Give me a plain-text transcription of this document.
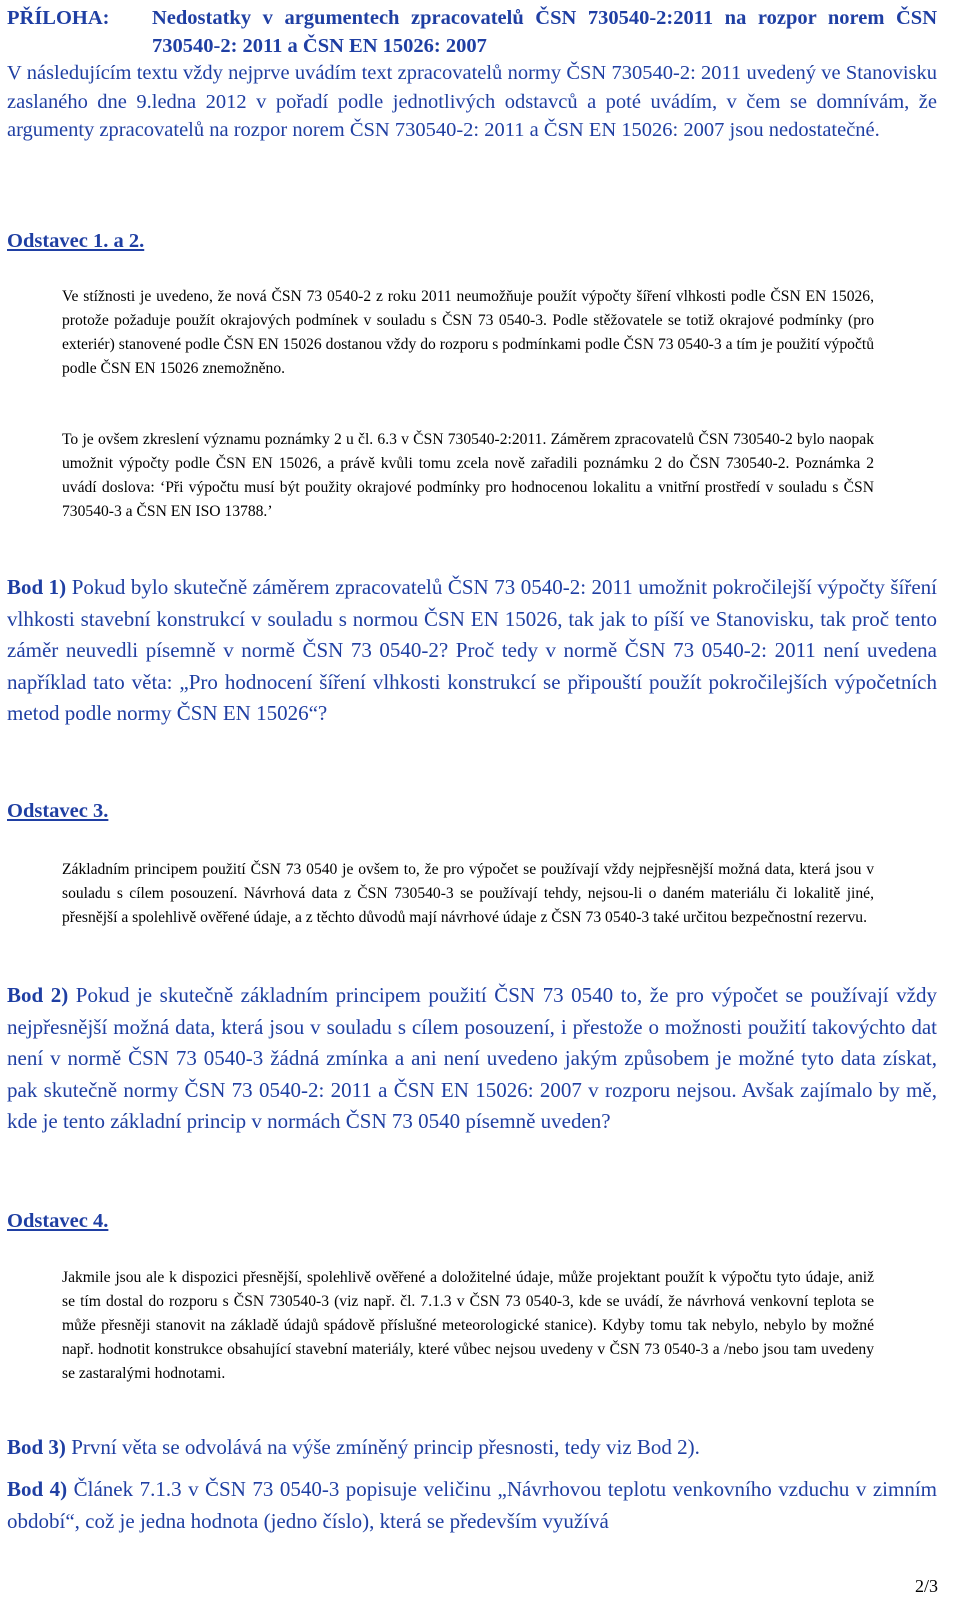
PŘÍLOHA: Nedostatky v argumentech zpracovatelů ČSN 730540-2:2011 na rozpor norem ČSN 730540-2: 2011 a ČSN EN 15026: 2007

V následujícím textu vždy nejprve uvádím text zpracovatelů normy ČSN 730540-2: 2011 uvedený ve Stanovisku zaslaného dne 9.ledna 2012 v pořadí podle jednotlivých odstavců a poté uvádím, v čem se domnívám, že argumenty zpracovatelů na rozpor norem ČSN 730540-2: 2011 a ČSN EN 15026: 2007 jsou nedostatečné.

Odstavec 1. a 2.

Ve stížnosti je uvedeno, že nová ČSN 73 0540-2 z roku 2011 neumožňuje použít výpočty šíření vlhkosti podle ČSN EN 15026, protože požaduje použít okrajových podmínek v souladu s ČSN 73 0540-3. Podle stěžovatele se totiž okrajové podmínky (pro exteriér) stanovené podle ČSN EN 15026 dostanou vždy do rozporu s podmínkami podle ČSN 73 0540-3 a tím je použití výpočtů podle ČSN EN 15026 znemožněno.

To je ovšem zkreslení významu poznámky 2 u čl. 6.3 v ČSN 730540-2:2011. Záměrem zpracovatelů ČSN 730540-2 bylo naopak umožnit výpočty podle ČSN EN 15026, a právě kvůli tomu zcela nově zařadili poznámku 2 do ČSN 730540-2. Poznámka 2 uvádí doslova: ‘Při výpočtu musí být použity okrajové podmínky pro hodnocenou lokalitu a vnitřní prostředí v souladu s ČSN 730540-3 a ČSN EN ISO 13788.’

Bod 1) Pokud bylo skutečně záměrem zpracovatelů ČSN 73 0540-2: 2011 umožnit pokročilejší výpočty šíření vlhkosti stavební konstrukcí v souladu s normou ČSN EN 15026, tak jak to píší ve Stanovisku, tak proč tento záměr neuvedli písemně v normě ČSN 73 0540-2? Proč tedy v normě ČSN 73 0540-2: 2011 není uvedena například tato věta: „Pro hodnocení šíření vlhkosti konstrukcí se připouští použít pokročilejších výpočetních metod podle normy ČSN EN 15026“?

Odstavec 3.

Základním principem použití ČSN 73 0540 je ovšem to, že pro výpočet se používají vždy nejpřesnější možná data, která jsou v souladu s cílem posouzení. Návrhová data z ČSN 730540-3 se používají tehdy, nejsou-li o daném materiálu či lokalitě jiné, přesnější a spolehlivě ověřené údaje, a z těchto důvodů mají návrhové údaje z ČSN 73 0540-3 také určitou bezpečnostní rezervu.

Bod 2) Pokud je skutečně základním principem použití ČSN 73 0540 to, že pro výpočet se používají vždy nejpřesnější možná data, která jsou v souladu s cílem posouzení, i přestože o možnosti použití takovýchto dat není v normě ČSN 73 0540-3 žádná zmínka a ani není uvedeno jakým způsobem je možné tyto data získat, pak skutečně normy ČSN 73 0540-2: 2011 a ČSN EN 15026: 2007 v rozporu nejsou. Avšak zajímalo by mě, kde je tento základní princip v normách ČSN 73 0540 písemně uveden?

Odstavec 4.

Jakmile jsou ale k dispozici přesnější, spolehlivě ověřené a doložitelné údaje, může projektant použít k výpočtu tyto údaje, aniž se tím dostal do rozporu s ČSN 730540-3 (viz např. čl. 7.1.3 v ČSN 73 0540-3, kde se uvádí, že návrhová venkovní teplota se může přesněji stanovit na základě údajů spádově příslušné meteorologické stanice). Kdyby tomu tak nebylo, nebylo by možné např. hodnotit konstrukce obsahující stavební materiály, které vůbec nejsou uvedeny v ČSN 73 0540-3 a /nebo jsou tam uvedeny se zastaralými hodnotami.

Bod 3) První věta se odvolává na výše zmíněný princip přesnosti, tedy viz Bod 2).

Bod 4) Článek 7.1.3 v ČSN 73 0540-3 popisuje veličinu „Návrhovou teplotu venkovního vzduchu v zimním období“, což je jedna hodnota (jedno číslo), která se především využívá

2/3
